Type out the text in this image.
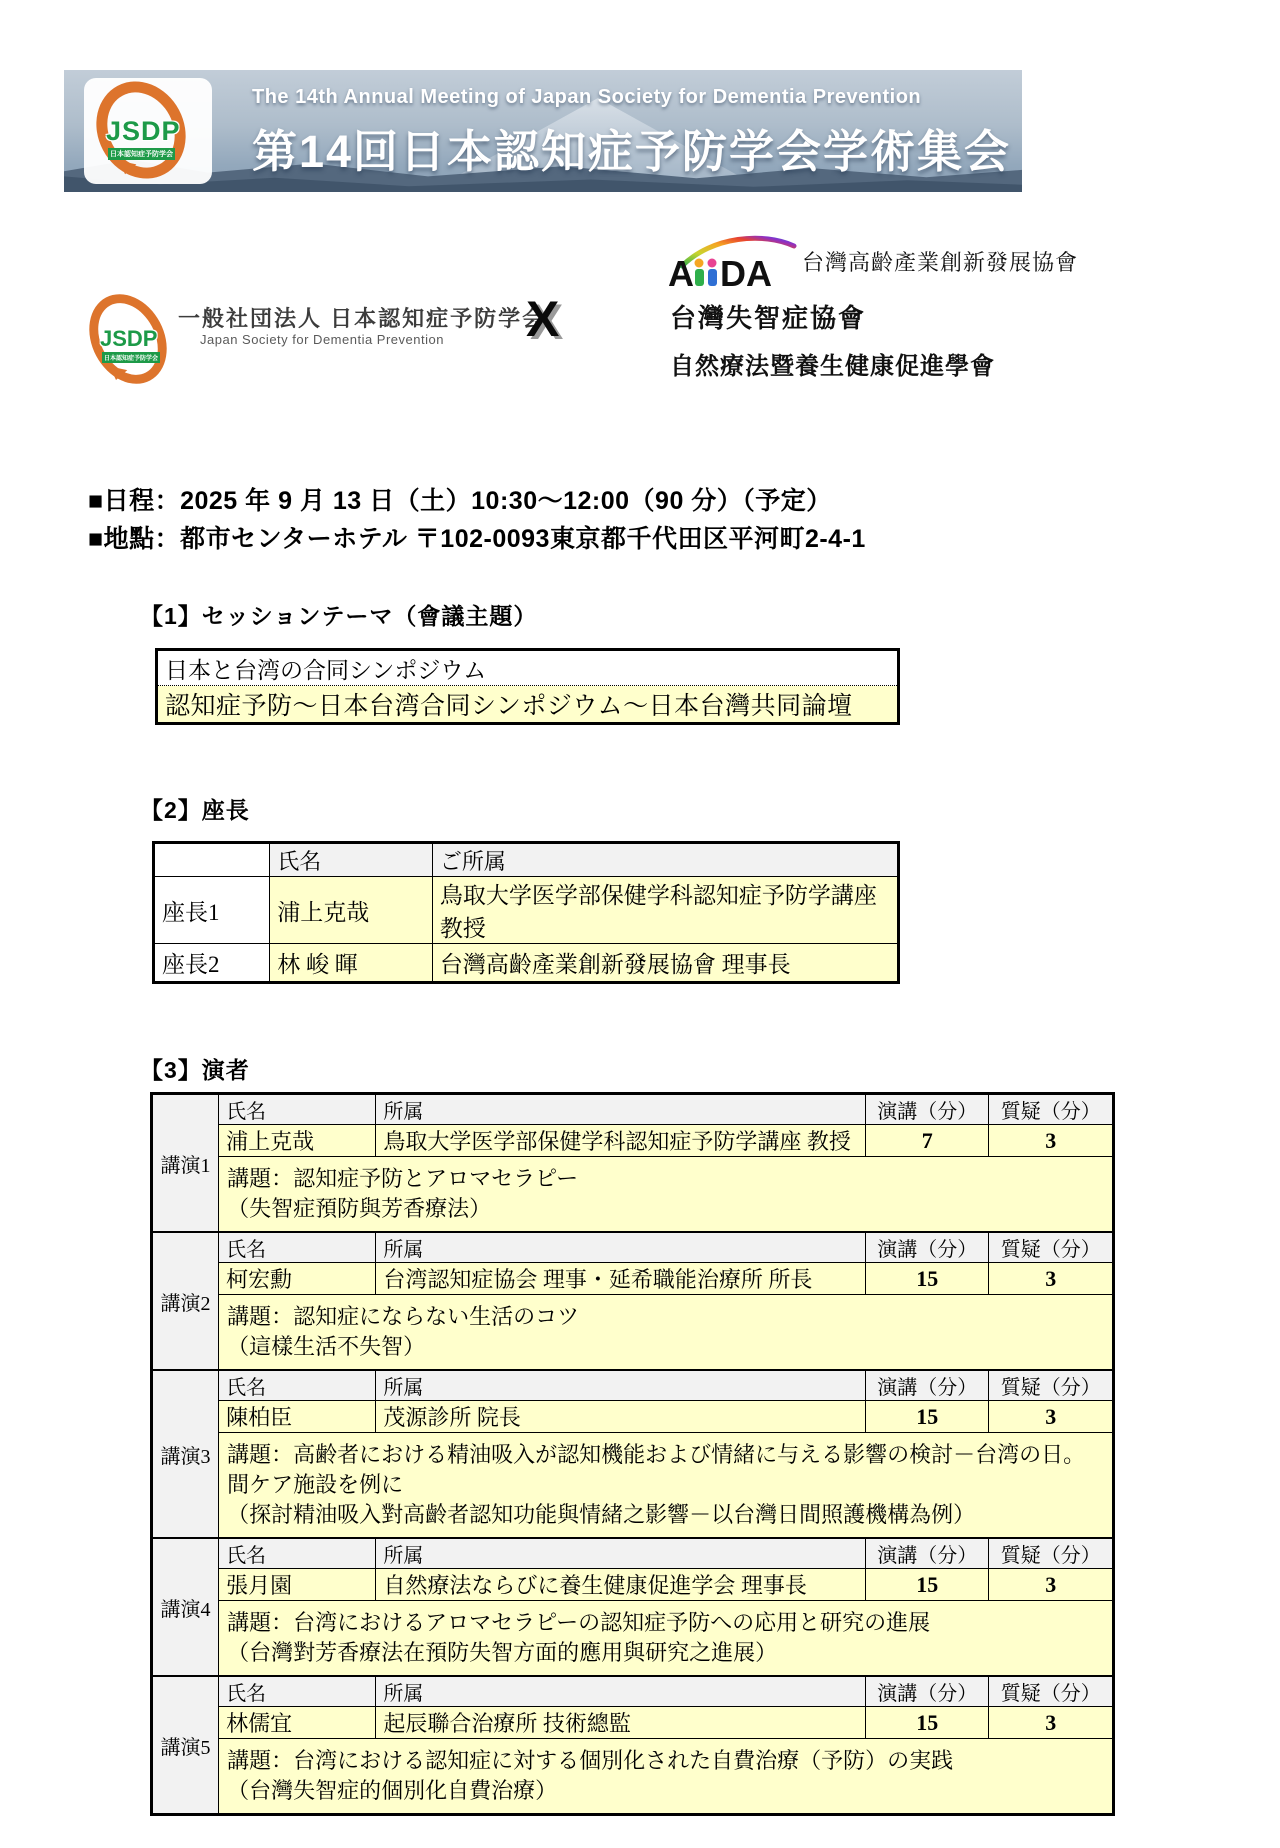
JSDP
日本認知症予防学会
The 14th Annual Meeting of Japan Society for Dementia Prevention
第14回日本認知症予防学会学術集会
JSDP
日本認知症予防学会
一般社団法人 日本認知症予防学会
Japan Society for Dementia Prevention X
A DA 台灣高齡產業創新發展協會
台灣失智症協會
自然療法暨養生健康促進學會
■日程：2025 年 9 月 13 日（土）10:30～12:00（90 分）（予定）
■地點：都市センターホテル 〒102-0093東京都千代田区平河町2-4-1
【1】セッションテーマ（會議主題）
日本と台湾の合同シンポジウム
認知症予防～日本台湾合同シンポジウム～日本台灣共同論壇
【2】座長
	氏名	ご所属
座長1	浦上克哉	鳥取大学医学部保健学科認知症予防学講座 教授
座長2	林 峻 暉	台灣高齡產業創新發展協會 理事長
【3】演者
講演1	氏名	所属	演講（分）	質疑（分）
	浦上克哉	鳥取大学医学部保健学科認知症予防学講座 教授	7	3

	講題：認知症予防とアロマセラピー
（失智症預防與芳香療法）			

講演2	氏名	所属	演講（分）	質疑（分）
	柯宏勳	台湾認知症協会 理事・延希職能治療所 所長	15	3

	講題：認知症にならない生活のコツ
（這樣生活不失智）			

講演3	氏名	所属	演講（分）	質疑（分）
	陳柏臣	茂源診所 院長	15	3

	講題：高齢者における精油吸入が認知機能および情緒に与える影響の検討－台湾の日。
間ケア施設を例に
（探討精油吸入對高齡者認知功能與情緒之影響－以台灣日間照護機構為例）			

講演4	氏名	所属	演講（分）	質疑（分）
	張月園	自然療法ならびに養生健康促進学会 理事長	15	3

	講題：台湾におけるアロマセラピーの認知症予防への応用と研究の進展
（台灣對芳香療法在預防失智方面的應用與研究之進展）			

講演5	氏名	所属	演講（分）	質疑（分）
	林儒宜	起辰聯合治療所 技術總監	15	3

	講題：台湾における認知症に対する個別化された自費治療（予防）の実践
（台灣失智症的個別化自費治療）			
